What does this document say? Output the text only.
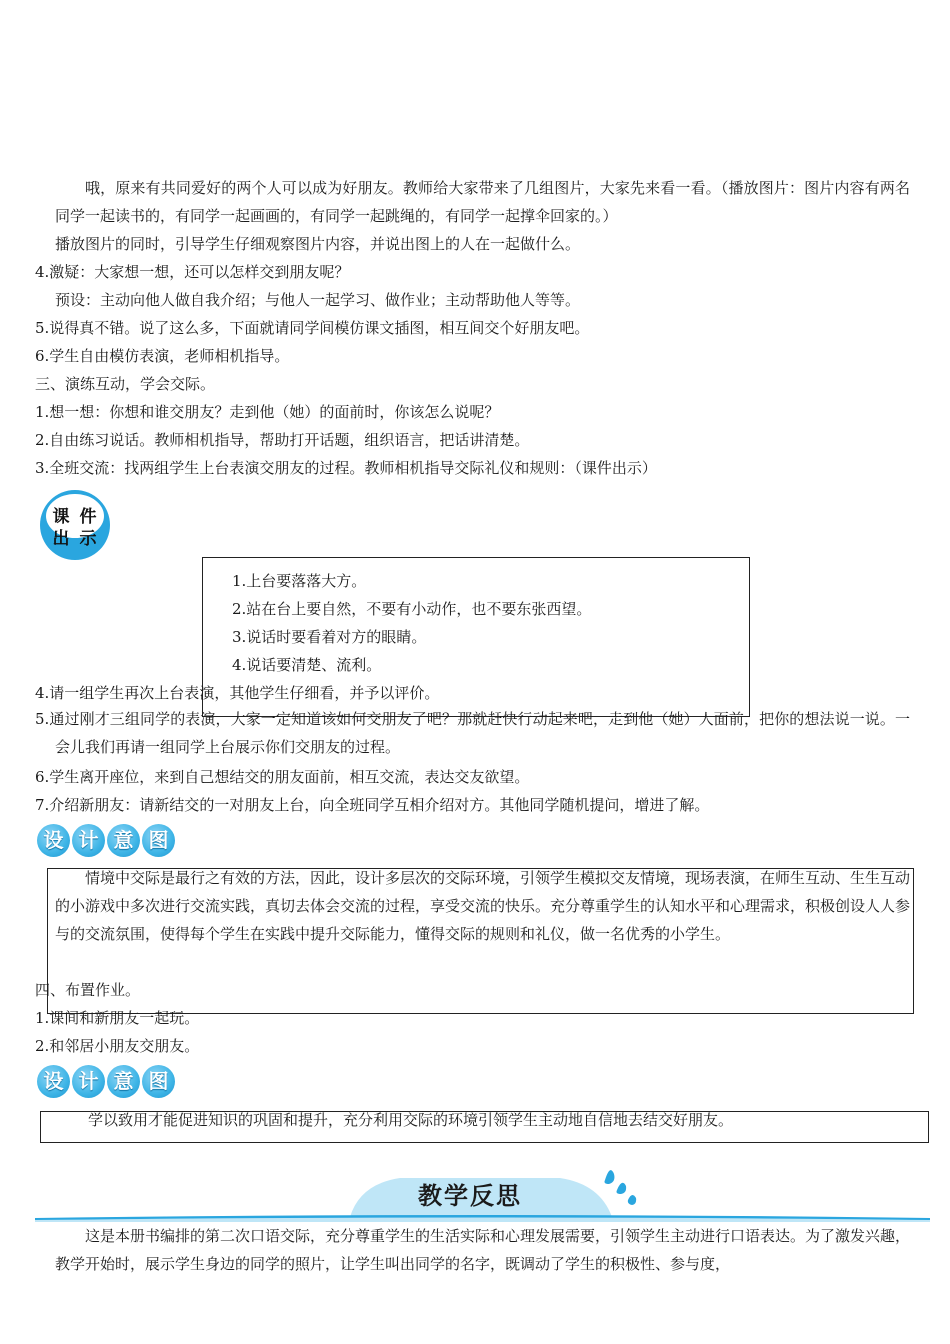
哦，原来有共同爱好的两个人可以成为好朋友。教师给大家带来了几组图片，大家先来看一看。（播放图片：图片内容有两名同学一起读书的，有同学一起画画的，有同学一起跳绳的，有同学一起撑伞回家的。）
播放图片的同时，引导学生仔细观察图片内容，并说出图上的人在一起做什么。
4.激疑：大家想一想，还可以怎样交到朋友呢？
预设：主动向他人做自我介绍；与他人一起学习、做作业；主动帮助他人等等。
5.说得真不错。说了这么多，下面就请同学间模仿课文插图，相互间交个好朋友吧。
6.学生自由模仿表演，老师相机指导。
三、演练互动，学会交际。
1.想一想：你想和谁交朋友？走到他（她）的面前时，你该怎么说呢？
2.自由练习说话。教师相机指导，帮助打开话题，组织语言，把话讲清楚。
3.全班交流：找两组学生上台表演交朋友的过程。教师相机指导交际礼仪和规则：（课件出示）
课 件
出 示
1.上台要落落大方。
2.站在台上要自然，不要有小动作，也不要东张西望。
3.说话时要看着对方的眼睛。
4.说话要清楚、流利。
4.请一组学生再次上台表演，其他学生仔细看，并予以评价。
5.通过刚才三组同学的表演，大家一定知道该如何交朋友了吧？那就赶快行动起来吧，走到他（她）人面前，把你的想法说一说。一会儿我们再请一组同学上台展示你们交朋友的过程。
6.学生离开座位，来到自己想结交的朋友面前，相互交流，表达交友欲望。
7.介绍新朋友：请新结交的一对朋友上台，向全班同学互相介绍对方。其他同学随机提问，增进了解。
设 计 意 图
情境中交际是最行之有效的方法，因此，设计多层次的交际环境，引领学生模拟交友情境，现场表演，在师生互动、生生互动的小游戏中多次进行交流实践，真切去体会交流的过程，享受交流的快乐。充分尊重学生的认知水平和心理需求，积极创设人人参与的交流氛围，使得每个学生在实践中提升交际能力，懂得交际的规则和礼仪，做一名优秀的小学生。
四、布置作业。
1.课间和新朋友一起玩。
2.和邻居小朋友交朋友。
设 计 意 图
学以致用才能促进知识的巩固和提升，充分利用交际的环境引领学生主动地自信地去结交好朋友。
教学反思
这是本册书编排的第二次口语交际，充分尊重学生的生活实际和心理发展需要，引领学生主动进行口语表达。为了激发兴趣，教学开始时，展示学生身边的同学的照片，让学生叫出同学的名字，既调动了学生的积极性、参与度，
